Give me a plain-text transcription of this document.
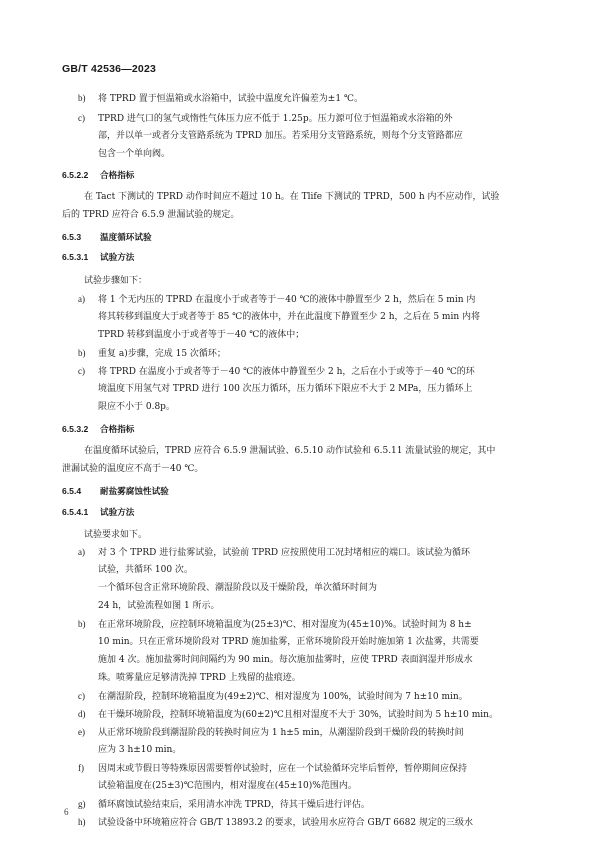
GB/T 42536—2023
b) 将 TPRD 置于恒温箱或水浴箱中，试验中温度允许偏差为±1 ℃。
c) TPRD 进气口的氢气或惰性气体压力应不低于 1.25p。压力源可位于恒温箱或水浴箱的外
部，并以单一或者分支管路系统为 TPRD 加压。若采用分支管路系统，则每个分支管路都应
包含一个单向阀。
6.5.2.2 合格指标
在 Tact 下测试的 TPRD 动作时间应不超过 10 h。在 Tlife 下测试的 TPRD，500 h 内不应动作，试验
后的 TPRD 应符合 6.5.9 泄漏试验的规定。
6.5.3 温度循环试验
6.5.3.1 试验方法
试验步骤如下：
a) 将 1 个无内压的 TPRD 在温度小于或者等于－40 ℃的液体中静置至少 2 h，然后在 5 min 内
将其转移到温度大于或者等于 85 ℃的液体中，并在此温度下静置至少 2 h，之后在 5 min 内将
TPRD 转移到温度小于或者等于－40 ℃的液体中；
b) 重复 a)步骤，完成 15 次循环；
c) 将 TPRD 在温度小于或者等于－40 ℃的液体中静置至少 2 h，之后在小于或等于－40 ℃的环
境温度下用氢气对 TPRD 进行 100 次压力循环，压力循环下限应不大于 2 MPa，压力循环上
限应不小于 0.8p。
6.5.3.2 合格指标
在温度循环试验后，TPRD 应符合 6.5.9 泄漏试验、6.5.10 动作试验和 6.5.11 流量试验的规定，其中
泄漏试验的温度应不高于－40 ℃。
6.5.4 耐盐雾腐蚀性试验
6.5.4.1 试验方法
试验要求如下。
a) 对 3 个 TPRD 进行盐雾试验，试验前 TPRD 应按照使用工况封堵相应的端口。该试验为循环
试验，共循环 100 次。
一个循环包含正常环境阶段、潮湿阶段以及干燥阶段，单次循环时间为
24 h，试验流程如图 1 所示。
b) 在正常环境阶段，应控制环境箱温度为(25±3)℃、相对湿度为(45±10)%。试验时间为 8 h±
10 min。只在正常环境阶段对 TPRD 施加盐雾，正常环境阶段开始时施加第 1 次盐雾，共需要
施加 4 次。施加盐雾时间间隔约为 90 min。每次施加盐雾时，应使 TPRD 表面润湿并形成水
珠。喷雾量应足够清洗掉 TPRD 上残留的盐痕迹。
c) 在潮湿阶段，控制环境箱温度为(49±2)℃、相对湿度为 100%，试验时间为 7 h±10 min。
d) 在干燥环境阶段，控制环境箱温度为(60±2)℃且相对湿度不大于 30%，试验时间为 5 h±10 min。
e) 从正常环境阶段到潮湿阶段的转换时间应为 1 h±5 min，从潮湿阶段到干燥阶段的转换时间
应为 3 h±10 min。
f) 因周末或节假日等特殊原因需要暂停试验时，应在一个试验循环完毕后暂停，暂停期间应保持
试验箱温度在(25±3)℃范围内，相对湿度在(45±10)%范围内。
g) 循环腐蚀试验结束后，采用清水冲洗 TPRD，待其干燥后进行评估。
h) 试验设备中环境箱应符合 GB/T 13893.2 的要求，试验用水应符合 GB/T 6682 规定的三级水
6
